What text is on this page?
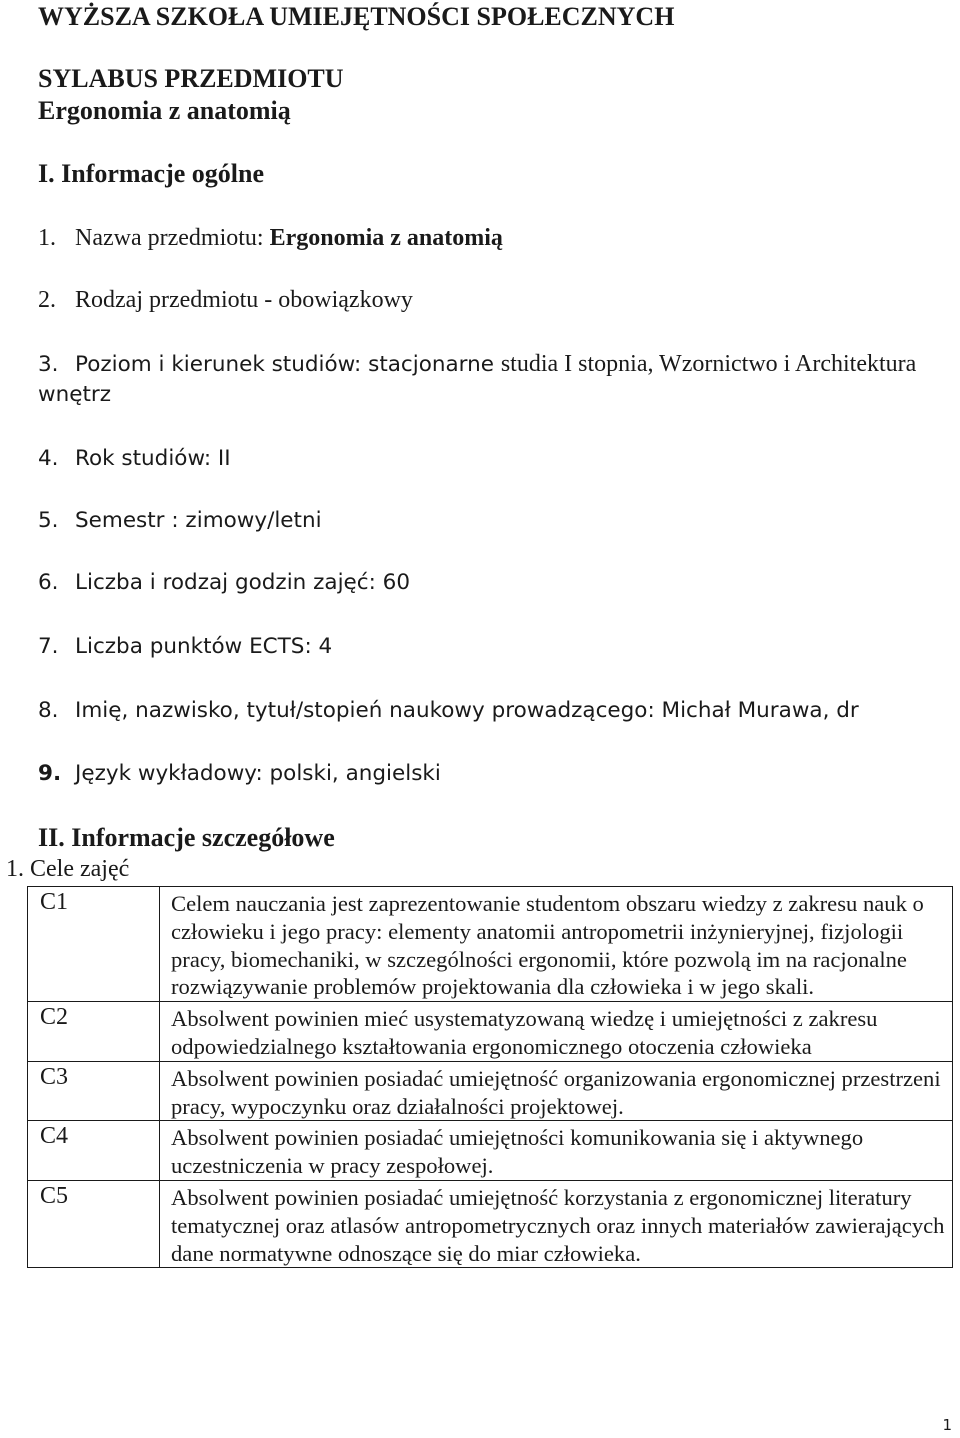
WYŻSZA SZKOŁA UMIEJĘTNOŚCI SPOŁECZNYCH
SYLABUS PRZEDMIOTU
Ergonomia z anatomią
I. Informacje ogólne
1. Nazwa przedmiotu: Ergonomia z anatomią
2. Rodzaj przedmiotu - obowiązkowy
3. Poziom i kierunek studiów: stacjonarne studia I stopnia, Wzornictwo i Architektura
wnętrz
4. Rok studiów: II
5. Semestr : zimowy/letni
6. Liczba i rodzaj godzin zajęć: 60
7. Liczba punktów ECTS: 4
8. Imię, nazwisko, tytuł/stopień naukowy prowadzącego: Michał Murawa, dr
9. Język wykładowy: polski, angielski
II. Informacje szczegółowe
1. Cele zajęć
C1	Celem nauczania jest zaprezentowanie studentom obszaru wiedzy z zakresu nauk o człowieku i jego pracy: elementy anatomii antropometrii inżynieryjnej, fizjologii pracy, biomechaniki, w szczególności ergonomii, które pozwolą im na racjonalne rozwiązywanie problemów projektowania dla człowieka i w jego skali.

C2	Absolwent powinien mieć usystematyzowaną wiedzę i umiejętności z zakresu odpowiedzialnego kształtowania ergonomicznego otoczenia człowieka

C3	Absolwent powinien posiadać umiejętność organizowania ergonomicznej przestrzeni pracy, wypoczynku oraz działalności projektowej.

C4	Absolwent powinien posiadać umiejętności komunikowania się i aktywnego uczestniczenia w pracy zespołowej.

C5	Absolwent powinien posiadać umiejętność korzystania z ergonomicznej literatury tematycznej oraz atlasów antropometrycznych oraz innych materiałów zawierających dane normatywne odnoszące się do miar człowieka.
1
